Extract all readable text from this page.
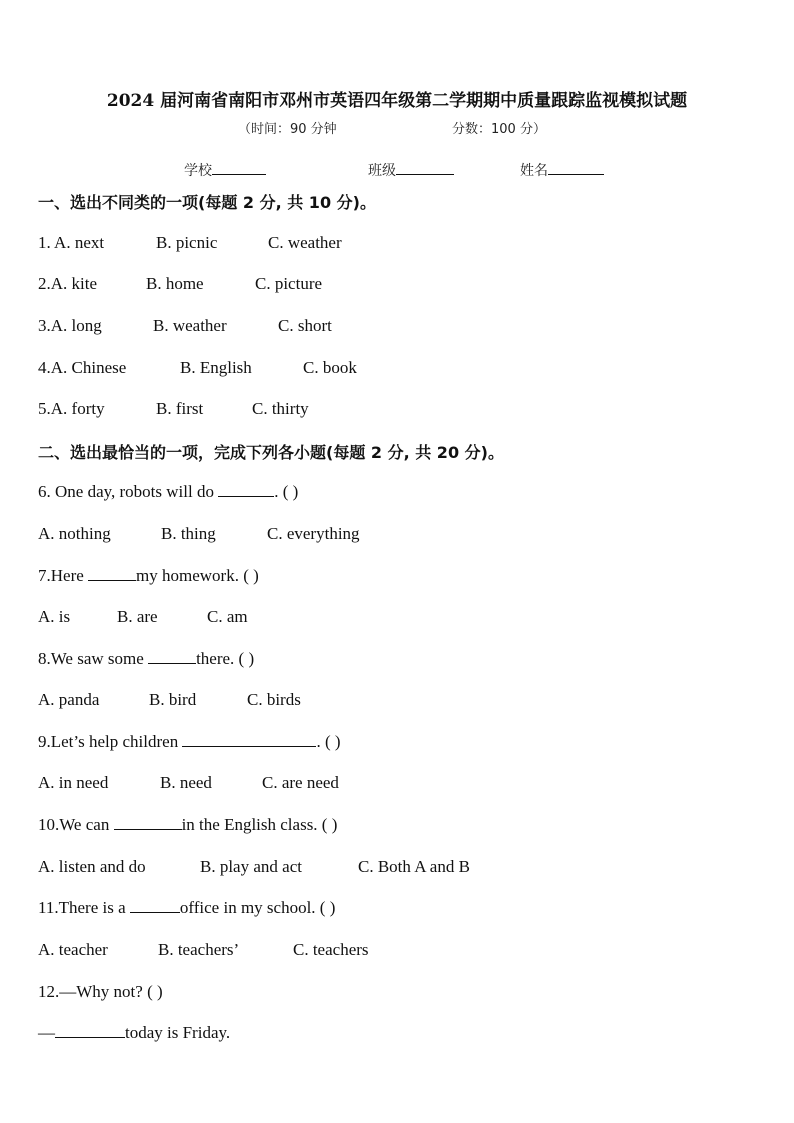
2024 届河南省南阳市邓州市英语四年级第二学期期中质量跟踪监视模拟试题
（时间：90 分钟	分数：100 分）
学校	班级	姓名
一、选出不同类的一项(每题 2 分, 共 10 分)。
1. A. next	B. picnic	C. weather
2.A. kite	B. home	C. picture
3.A. long	B. weather	C. short
4.A. Chinese	B. English	C. book
5.A. forty	B. first	C. thirty
二、选出最恰当的一项，完成下列各小题(每题 2 分, 共 20 分)。
6. One day, robots will do	. ( )
A. nothing	B. thing	C. everything
7.Here	my homework. ( )
A. is	B. are	C. am
8.We saw some	there. ( )
A. panda	B. bird	C. birds
9.Let’s help children	. ( )
A. in need	B. need	C. are need
10.We can	in the English class. ( )
A. listen and do	B. play and act	C. Both A and B
11.There is a	office in my school. ( )
A. teacher	B. teachers’	C. teachers
12.—Why not? ( )
—	today is Friday.
